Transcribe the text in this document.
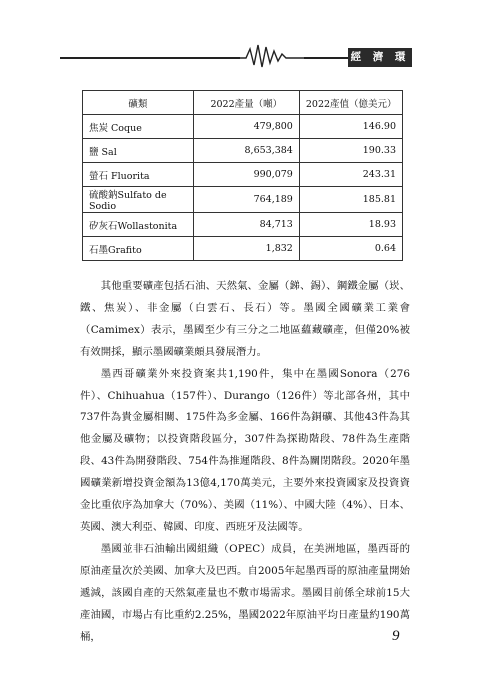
經 濟 環 境
礦類	2022產量（噸）	2022產值（億美元）
焦炭 Coque	479,800	146.90
鹽 Sal	8,653,384	190.33
螢石 Fluorita	990,079	243.31
硫酸鈉Sulfato de Sodio	764,189	185.81
矽灰石Wollastonita	84,713	18.93
石墨Grafito	1,832	0.64

其他重要礦產包括石油、天然氣、金屬（銻、錫）、鋼鐵金屬（崁、鐵、焦炭）、非金屬（白雲石、長石）等。墨國全國礦業工業會（Camimex）表示，墨國至少有三分之二地區蘊藏礦產，但僅20%被有效開採，顯示墨國礦業頗具發展潛力。

墨西哥礦業外來投資案共1,190件，集中在墨國Sonora（276件）、Chihuahua（157件）、Durango（126件）等北部各州，其中737件為貴金屬相關、175件為多金屬、166件為銅礦、其他43件為其他金屬及礦物；以投資階段區分，307件為探勘階段、78件為生產階段、43件為開發階段、754件為推遲階段、8件為關閉階段。2020年墨國礦業新增投資金額為13億4,170萬美元，主要外來投資國家及投資資金比重依序為加拿大（70%）、美國（11%）、中國大陸（4%）、日本、英國、澳大利亞、韓國、印度、西班牙及法國等。

墨國並非石油輸出國組織（OPEC）成員，在美洲地區，墨西哥的原油產量次於美國、加拿大及巴西。自2005年起墨西哥的原油產量開始遞減，該國自產的天然氣產量也不敷市場需求。墨國目前係全球前15大產油國，市場占有比重約2.25%，墨國2022年原油平均日產量約190萬桶，	9
